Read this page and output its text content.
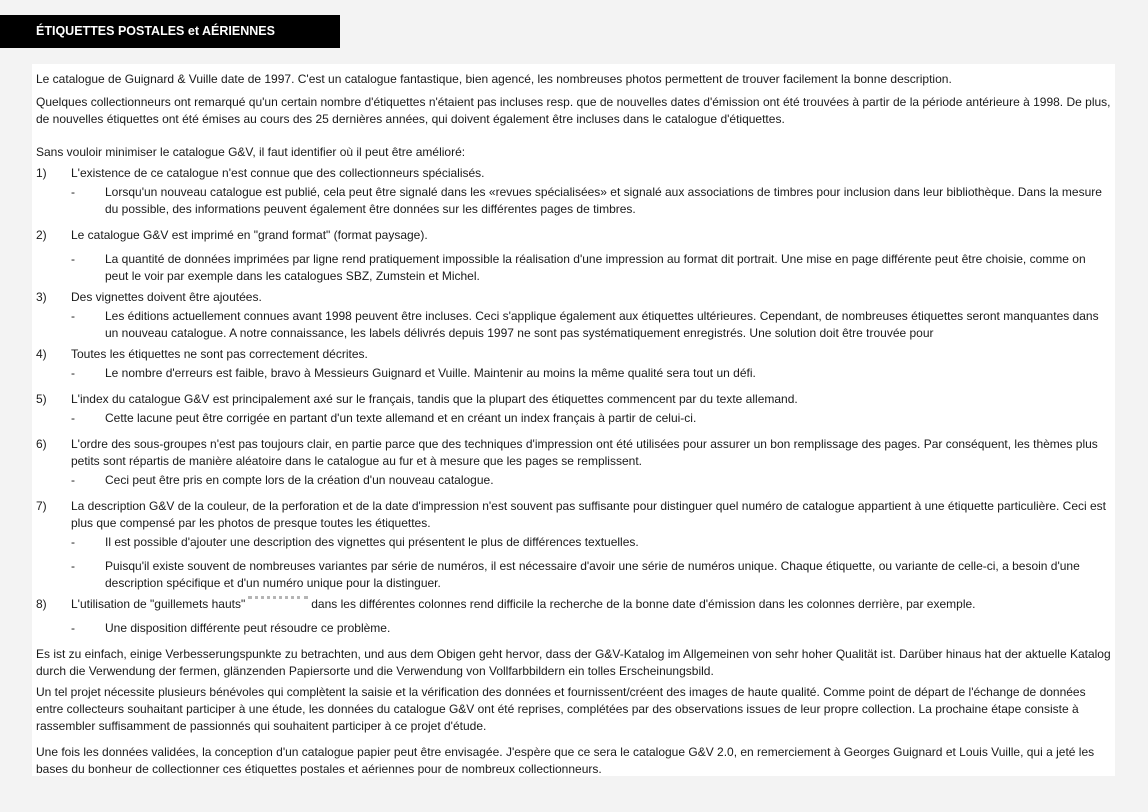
ÉTIQUETTES POSTALES et AÉRIENNES

Le catalogue de Guignard & Vuille date de 1997. C'est un catalogue fantastique, bien agencé, les nombreuses photos permettent de trouver facilement la bonne description.

Quelques collectionneurs ont remarqué qu'un certain nombre d'étiquettes n'étaient pas incluses resp. que de nouvelles dates d'émission ont été trouvées à partir de la période antérieure à 1998. De plus, de nouvelles étiquettes ont été émises au cours des 25 dernières années, qui doivent également être incluses dans le catalogue d'étiquettes.

Sans vouloir minimiser le catalogue G&V, il faut identifier où il peut être amélioré:

1)	L'existence de ce catalogue n'est connue que des collectionneurs spécialisés.
-	Lorsqu'un nouveau catalogue est publié, cela peut être signalé dans les «revues spécialisées» et signalé aux associations de timbres pour inclusion dans leur bibliothèque. Dans la mesure du possible, des informations peuvent également être données sur les différentes pages de timbres.
2)	Le catalogue G&V est imprimé en "grand format" (format paysage).
-	La quantité de données imprimées par ligne rend pratiquement impossible la réalisation d'une impression au format dit portrait. Une mise en page différente peut être choisie, comme on peut le voir par exemple dans les catalogues SBZ, Zumstein et Michel.
3)	Des vignettes doivent être ajoutées.
-	Les éditions actuellement connues avant 1998 peuvent être incluses. Ceci s'applique également aux étiquettes ultérieures. Cependant, de nombreuses étiquettes seront manquantes dans un nouveau catalogue. A notre connaissance, les labels délivrés depuis 1997 ne sont pas systématiquement enregistrés. Une solution doit être trouvée pour
4)	Toutes les étiquettes ne sont pas correctement décrites.
-	Le nombre d'erreurs est faible, bravo à Messieurs Guignard et Vuille. Maintenir au moins la même qualité sera tout un défi.
5)	L'index du catalogue G&V est principalement axé sur le français, tandis que la plupart des étiquettes commencent par du texte allemand.
-	Cette lacune peut être corrigée en partant d'un texte allemand et en créant un index français à partir de celui-ci.
6)	L'ordre des sous-groupes n'est pas toujours clair, en partie parce que des techniques d'impression ont été utilisées pour assurer un bon remplissage des pages. Par conséquent, les thèmes plus petits sont répartis de manière aléatoire dans le catalogue au fur et à mesure que les pages se remplissent.
-	Ceci peut être pris en compte lors de la création d'un nouveau catalogue.
7)	La description G&V de la couleur, de la perforation et de la date d'impression n'est souvent pas suffisante pour distinguer quel numéro de catalogue appartient à une étiquette particulière. Ceci est plus que compensé par les photos de presque toutes les étiquettes.
-	Il est possible d'ajouter une description des vignettes qui présentent le plus de différences textuelles.
-	Puisqu'il existe souvent de nombreuses variantes par série de numéros, il est nécessaire d'avoir une série de numéros unique. Chaque étiquette, ou variante de celle-ci, a besoin d'une description spécifique et d'un numéro unique pour la distinguer.
8)	L'utilisation de "guillemets hauts"	dans les différentes colonnes rend difficile la recherche de la bonne date d'émission dans les colonnes derrière, par exemple.
-	Une disposition différente peut résoudre ce problème.

Es ist zu einfach, einige Verbesserungspunkte zu betrachten, und aus dem Obigen geht hervor, dass der G&V-Katalog im Allgemeinen von sehr hoher Qualität ist. Darüber hinaus hat der aktuelle Katalog durch die Verwendung der fermen, glänzenden Papiersorte und die Verwendung von Vollfarbbildern ein tolles Erscheinungsbild.

Un tel projet nécessite plusieurs bénévoles qui complètent la saisie et la vérification des données et fournissent/créent des images de haute qualité. Comme point de départ de l'échange de données entre collecteurs souhaitant participer à une étude, les données du catalogue G&V ont été reprises, complétées par des observations issues de leur propre collection. La prochaine étape consiste à rassembler suffisamment de passionnés qui souhaitent participer à ce projet d'étude.

Une fois les données validées, la conception d'un catalogue papier peut être envisagée. J'espère que ce sera le catalogue G&V 2.0, en remerciement à Georges Guignard et Louis Vuille, qui a jeté les bases du bonheur de collectionner ces étiquettes postales et aériennes pour de nombreux collectionneurs.
